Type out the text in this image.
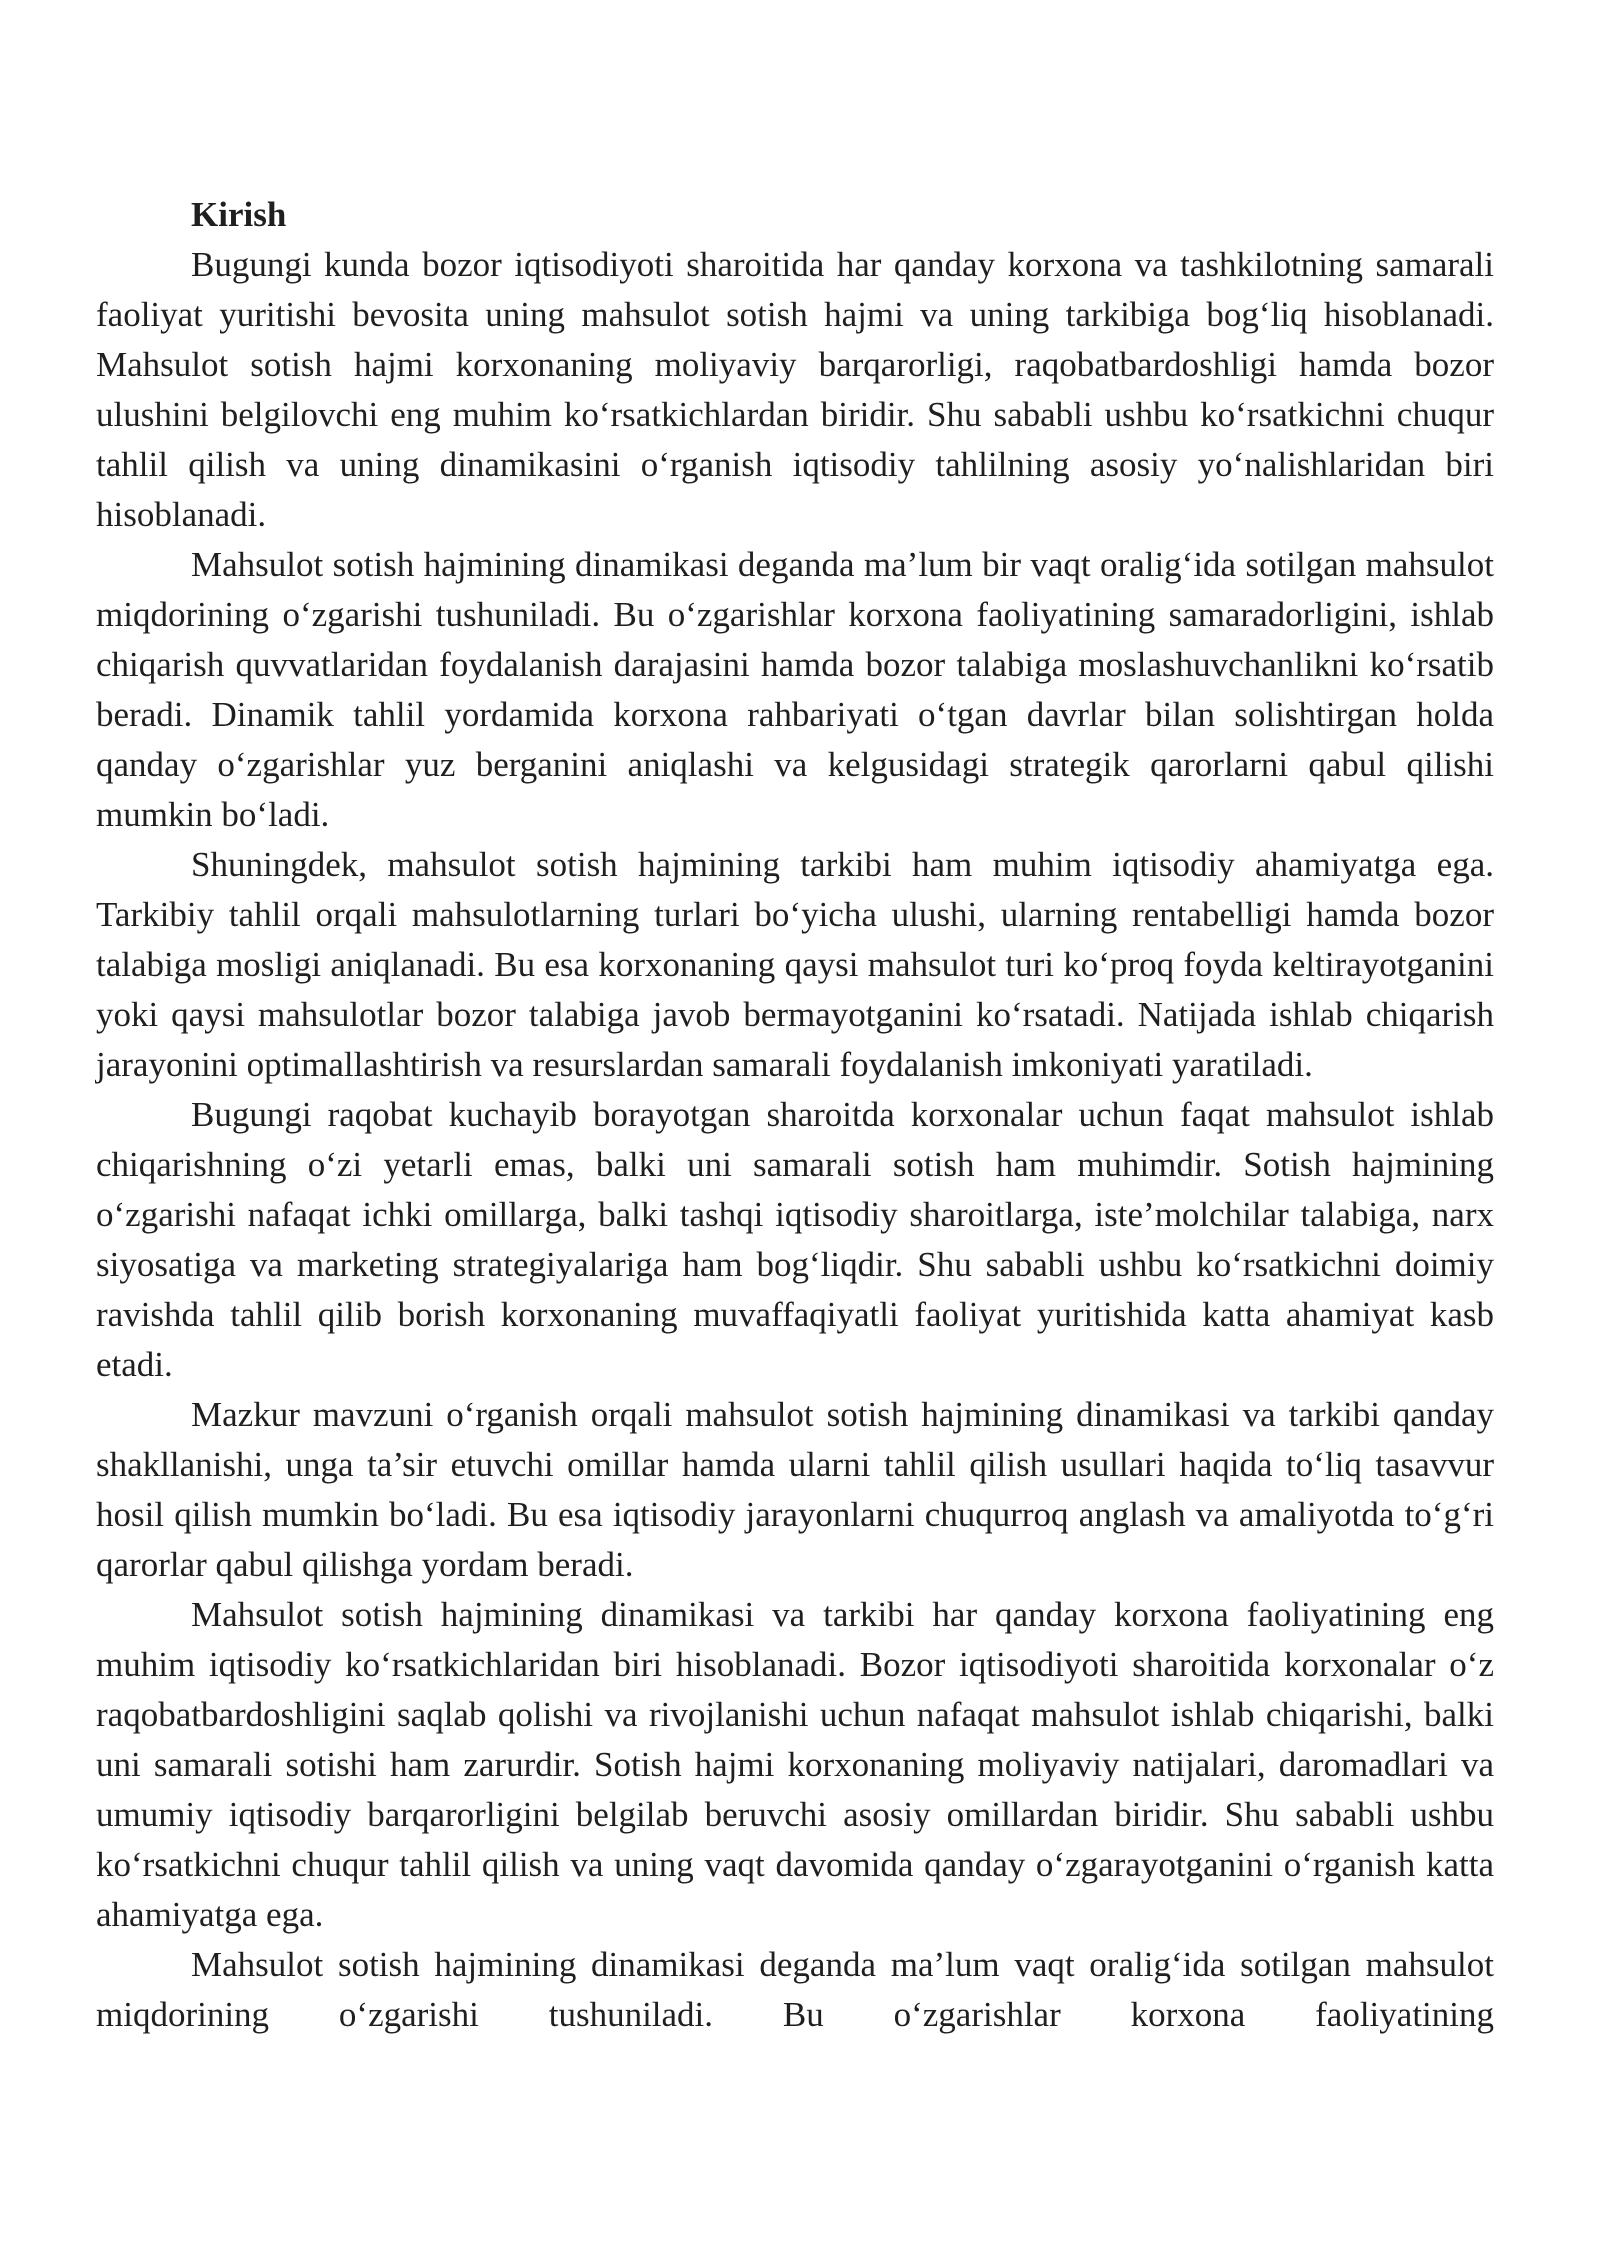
Kirish

Bugungi kunda bozor iqtisodiyoti sharoitida har qanday korxona va tashkilotning samarali faoliyat yuritishi bevosita uning mahsulot sotish hajmi va uning tarkibiga bog‘liq hisoblanadi. Mahsulot sotish hajmi korxonaning moliyaviy barqarorligi, raqobatbardoshligi hamda bozor ulushini belgilovchi eng muhim ko‘rsatkichlardan biridir. Shu sababli ushbu ko‘rsatkichni chuqur tahlil qilish va uning dinamikasini o‘rganish iqtisodiy tahlilning asosiy yo‘nalishlaridan biri hisoblanadi.

Mahsulot sotish hajmining dinamikasi deganda ma’lum bir vaqt oralig‘ida sotilgan mahsulot miqdorining o‘zgarishi tushuniladi. Bu o‘zgarishlar korxona faoliyatining samaradorligini, ishlab chiqarish quvvatlaridan foydalanish darajasini hamda bozor talabiga moslashuvchanlikni ko‘rsatib beradi. Dinamik tahlil yordamida korxona rahbariyati o‘tgan davrlar bilan solishtirgan holda qanday o‘zgarishlar yuz berganini aniqlashi va kelgusidagi strategik qarorlarni qabul qilishi mumkin bo‘ladi.

Shuningdek, mahsulot sotish hajmining tarkibi ham muhim iqtisodiy ahamiyatga ega. Tarkibiy tahlil orqali mahsulotlarning turlari bo‘yicha ulushi, ularning rentabelligi hamda bozor talabiga mosligi aniqlanadi. Bu esa korxonaning qaysi mahsulot turi ko‘proq foyda keltirayotganini yoki qaysi mahsulotlar bozor talabiga javob bermayotganini ko‘rsatadi. Natijada ishlab chiqarish jarayonini optimallashtirish va resurslardan samarali foydalanish imkoniyati yaratiladi.

Bugungi raqobat kuchayib borayotgan sharoitda korxonalar uchun faqat mahsulot ishlab chiqarishning o‘zi yetarli emas, balki uni samarali sotish ham muhimdir. Sotish hajmining o‘zgarishi nafaqat ichki omillarga, balki tashqi iqtisodiy sharoitlarga, iste’molchilar talabiga, narx siyosatiga va marketing strategiyalariga ham bog‘liqdir. Shu sababli ushbu ko‘rsatkichni doimiy ravishda tahlil qilib borish korxonaning muvaffaqiyatli faoliyat yuritishida katta ahamiyat kasb etadi.

Mazkur mavzuni o‘rganish orqali mahsulot sotish hajmining dinamikasi va tarkibi qanday shakllanishi, unga ta’sir etuvchi omillar hamda ularni tahlil qilish usullari haqida to‘liq tasavvur hosil qilish mumkin bo‘ladi. Bu esa iqtisodiy jarayonlarni chuqurroq anglash va amaliyotda to‘g‘ri qarorlar qabul qilishga yordam beradi.

Mahsulot sotish hajmining dinamikasi va tarkibi har qanday korxona faoliyatining eng muhim iqtisodiy ko‘rsatkichlaridan biri hisoblanadi. Bozor iqtisodiyoti sharoitida korxonalar o‘z raqobatbardoshligini saqlab qolishi va rivojlanishi uchun nafaqat mahsulot ishlab chiqarishi, balki uni samarali sotishi ham zarurdir. Sotish hajmi korxonaning moliyaviy natijalari, daromadlari va umumiy iqtisodiy barqarorligini belgilab beruvchi asosiy omillardan biridir. Shu sababli ushbu ko‘rsatkichni chuqur tahlil qilish va uning vaqt davomida qanday o‘zgarayotganini o‘rganish katta ahamiyatga ega.

Mahsulot sotish hajmining dinamikasi deganda ma’lum vaqt oralig‘ida sotilgan mahsulot miqdorining o‘zgarishi tushuniladi. Bu o‘zgarishlar korxona faoliyatining
